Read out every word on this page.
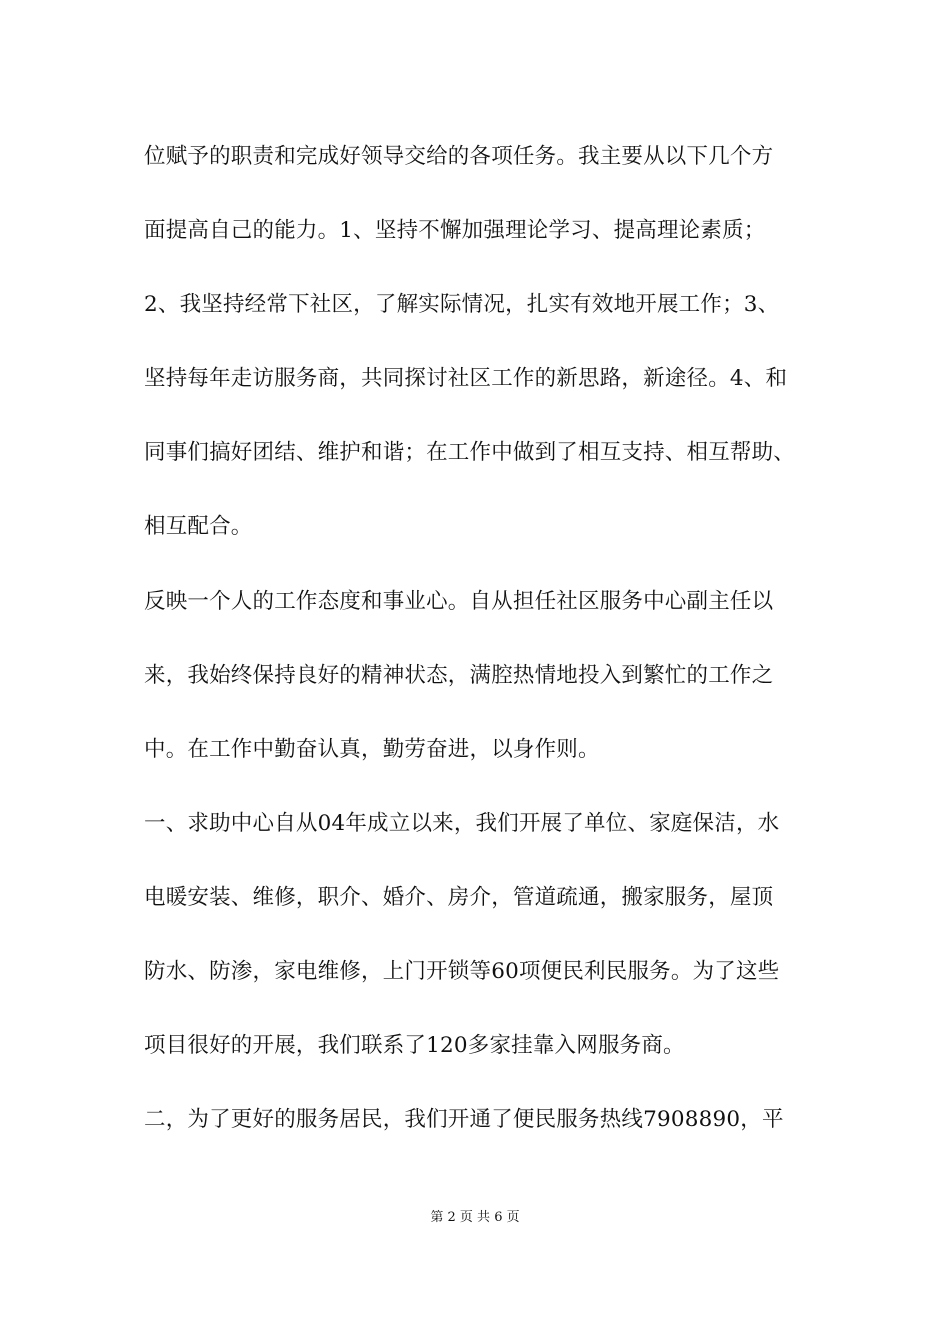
位赋予的职责和完成好领导交给的各项任务。我主要从以下几个方
面提高自己的能力。1、坚持不懈加强理论学习、提高理论素质；
2、我坚持经常下社区，了解实际情况，扎实有效地开展工作；3、
坚持每年走访服务商，共同探讨社区工作的新思路，新途径。4、和
同事们搞好团结、维护和谐；在工作中做到了相互支持、相互帮助、
相互配合。
反映一个人的工作态度和事业心。自从担任社区服务中心副主任以
来，我始终保持良好的精神状态，满腔热情地投入到繁忙的工作之
中。在工作中勤奋认真，勤劳奋进，以身作则。
一、求助中心自从04年成立以来，我们开展了单位、家庭保洁，水
电暖安装、维修，职介、婚介、房介，管道疏通，搬家服务，屋顶
防水、防渗，家电维修，上门开锁等60项便民利民服务。为了这些
项目很好的开展，我们联系了120多家挂靠入网服务商。
二，为了更好的服务居民，我们开通了便民服务热线7908890，平
第 2 页 共 6 页
